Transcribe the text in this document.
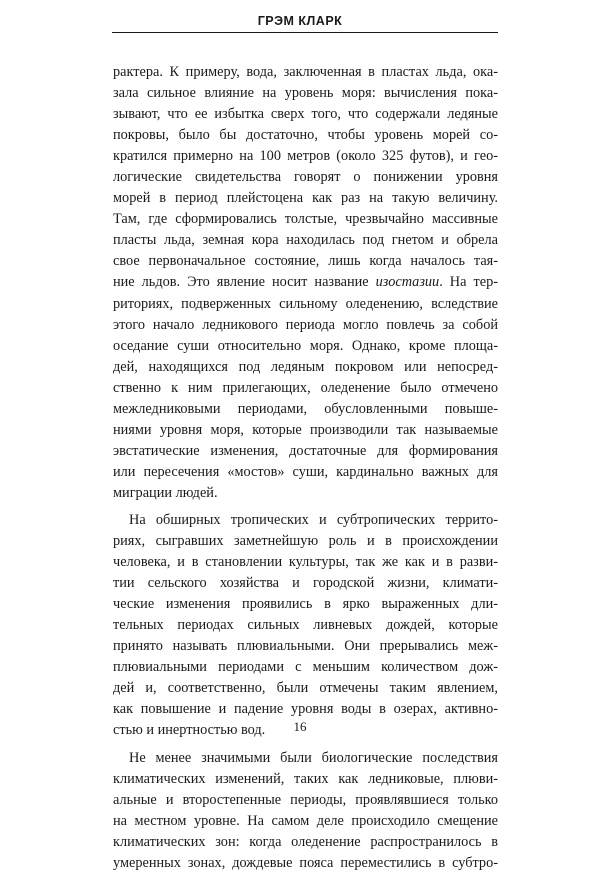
ГРЭМ КЛАРК
рактера. К примеру, вода, заключенная в пластах льда, ока-
зала сильное влияние на уровень моря: вычисления пока-
зывают, что ее избытка сверх того, что содержали ледяные
покровы, было бы достаточно, чтобы уровень морей со-
кратился примерно на 100 метров (около 325 футов), и гео-
логические свидетельства говорят о понижении уровня
морей в период плейстоцена как раз на такую величину.
Там, где сформировались толстые, чрезвычайно массивные
пласты льда, земная кора находилась под гнетом и обрела
свое первоначальное состояние, лишь когда началось тая-
ние льдов. Это явление носит название изостазии. На тер-
риториях, подверженных сильному оледенению, вследствие
этого начало ледникового периода могло повлечь за собой
оседание суши относительно моря. Однако, кроме площа-
дей, находящихся под ледяным покровом или непосред-
ственно к ним прилегающих, оледенение было отмечено
межледниковыми периодами, обусловленными повыше-
ниями уровня моря, которые производили так называемые
эвстатические изменения, достаточные для формирования
или пересечения «мостов» суши, кардинально важных для
миграции людей.
На обширных тропических и субтропических террито-
риях, сыгравших заметнейшую роль и в происхождении
человека, и в становлении культуры, так же как и в разви-
тии сельского хозяйства и городской жизни, климати-
ческие изменения проявились в ярко выраженных дли-
тельных периодах сильных ливневых дождей, которые
принято называть плювиальными. Они прерывались меж-
плювиальными периодами с меньшим количеством дож-
дей и, соответственно, были отмечены таким явлением,
как повышение и падение уровня воды в озерах, активно-
стью и инертностью вод.
Не менее значимыми были биологические последствия
климатических изменений, таких как ледниковые, плюви-
альные и второстепенные периоды, проявлявшиеся только
на местном уровне. На самом деле происходило смещение
климатических зон: когда оледенение распространилось в
умеренных зонах, дождевые пояса переместились в субтро-
16
